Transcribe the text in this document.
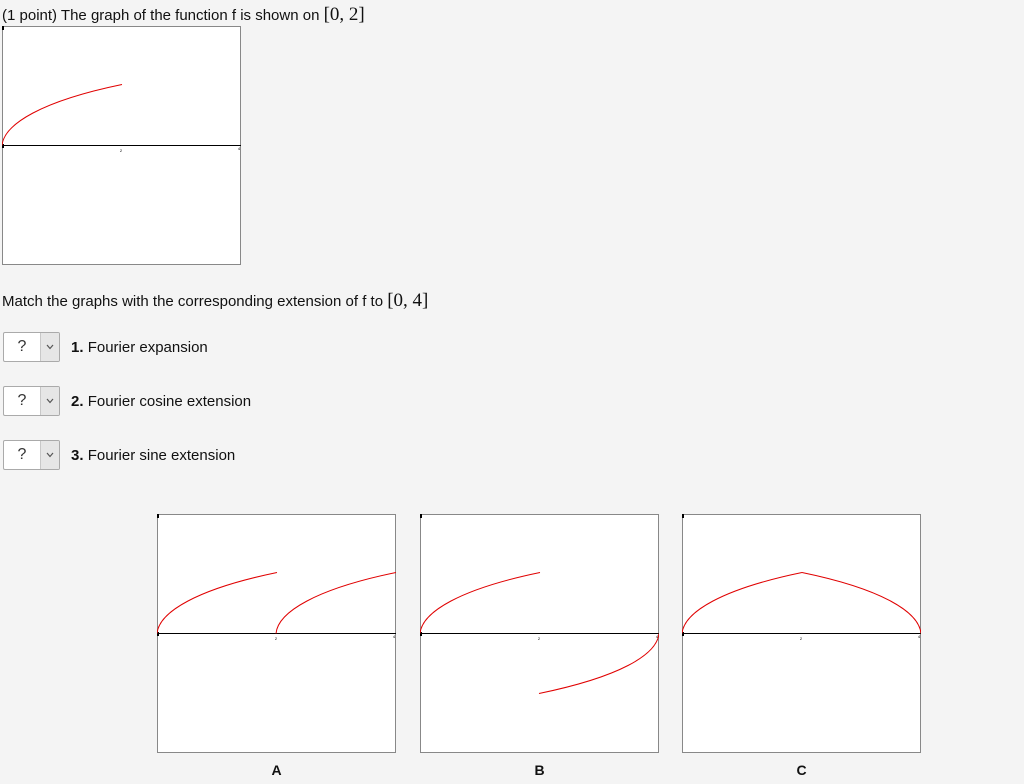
(1 point) The graph of the function f is shown on [0, 2]
2	4
Match the graphs with the corresponding extension of f to [0, 4]
?	1. Fourier expansion
?	2. Fourier cosine extension
?	3. Fourier sine extension
2	4
A
2	4
B
2	4
C
